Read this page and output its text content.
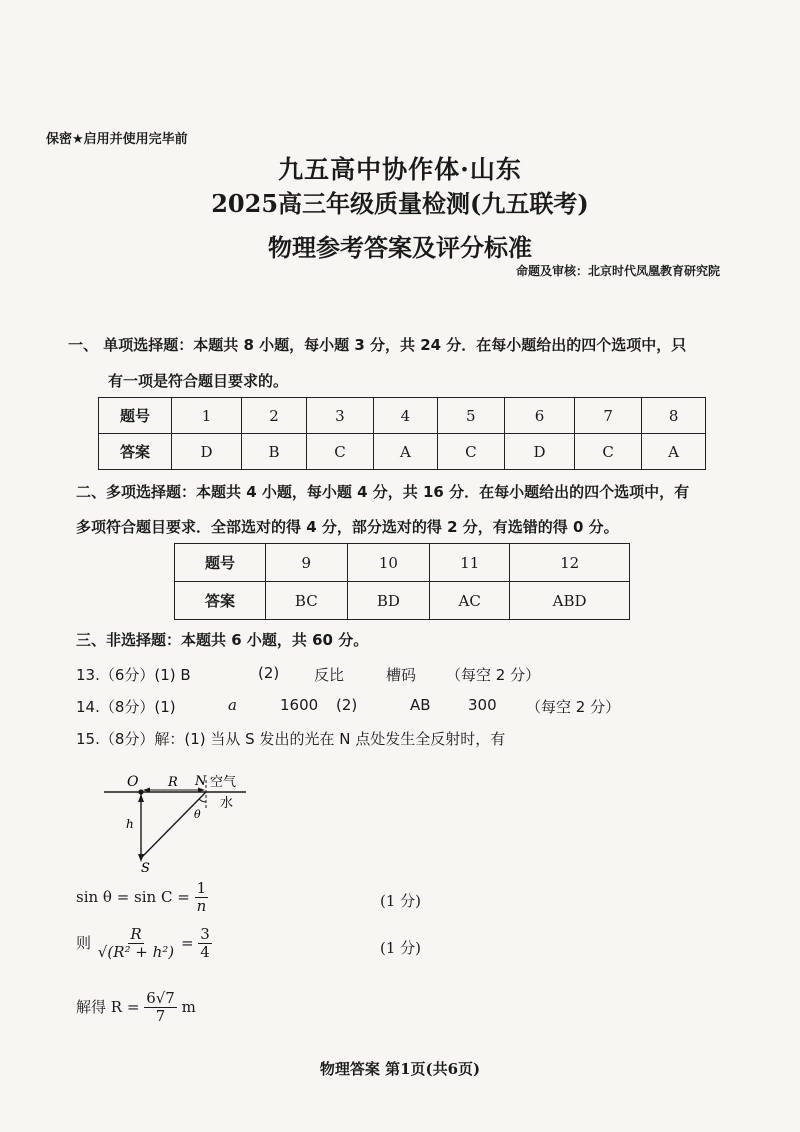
保密★启用并使用完毕前
九五高中协作体·山东
2025高三年级质量检测(九五联考)
物理参考答案及评分标准
命题及审核：北京时代凤凰教育研究院
一、 单项选择题：本题共 8 小题，每小题 3 分，共 24 分．在每小题给出的四个选项中，只
有一项是符合题目要求的。
题号	1	2	3	4	5	6	7	8
答案	D	B	C	A	C	D	C	A
二、多项选择题：本题共 4 小题，每小题 4 分，共 16 分．在每小题给出的四个选项中，有
多项符合题目要求．全部选对的得 4 分，部分选对的得 2 分，有选错的得 0 分。
题号	9	10	11	12
答案	BC	BD	AC	ABD
三、非选择题：本题共 6 小题，共 60 分。
13.（6分）(1) B	(2) 反比	槽码 （每空 2 分）
14.（8分）(1)	a	1600 (2)	AB 300 （每空 2 分）
15.（8分）解：(1) 当从 S 发出的光在 N 点处发生全反射时，有
O R N 空气
水
θ
h
S
$\sin \theta = \sin C = \frac{1}{n}$	(1 分)
则 $\frac{R}{\text{√(R² + h²)}} = \frac{3}{4}$	(1 分)
解得 $R = \frac{6√7}{7}$ m
物理答案 第1页(共6页)
